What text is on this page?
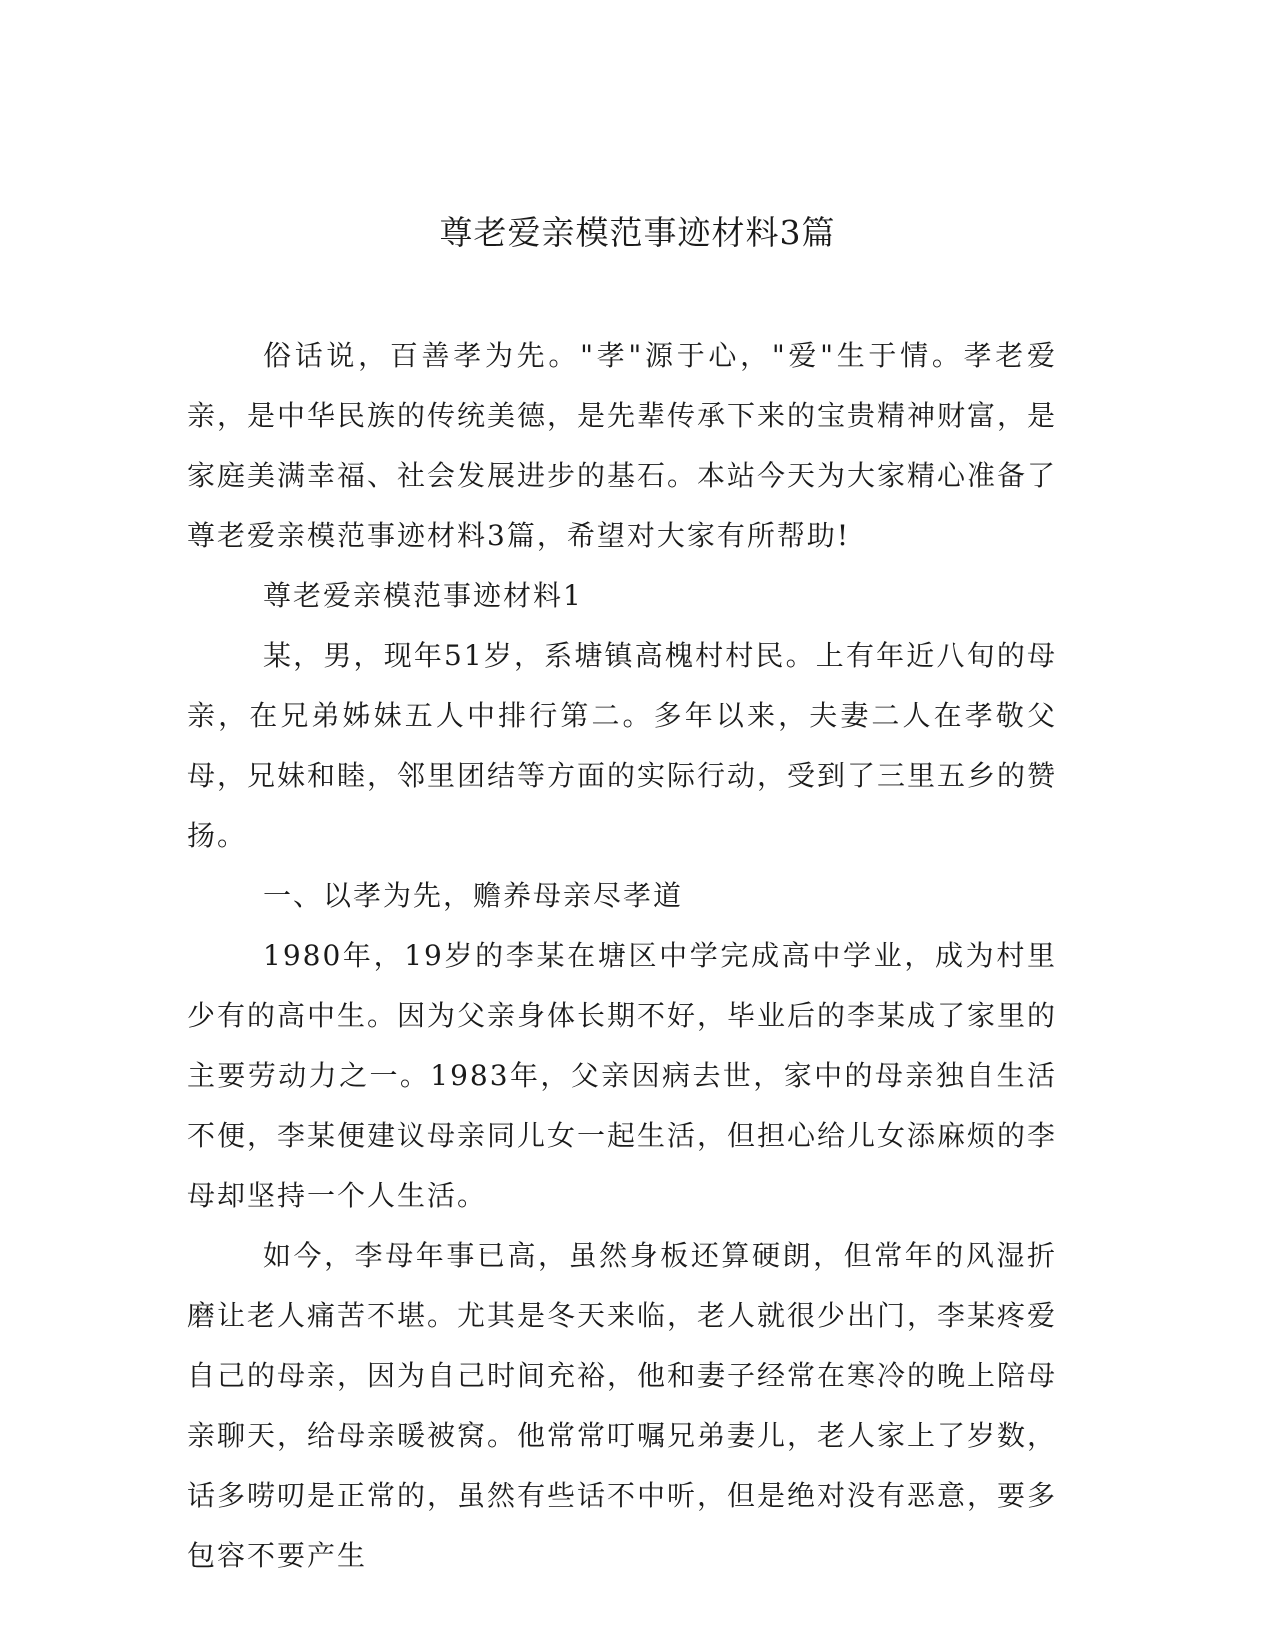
尊老爱亲模范事迹材料3篇

俗话说，百善孝为先。"孝"源于心，"爱"生于情。孝老爱亲，是中华民族的传统美德，是先辈传承下来的宝贵精神财富，是家庭美满幸福、社会发展进步的基石。本站今天为大家精心准备了尊老爱亲模范事迹材料3篇，希望对大家有所帮助!

尊老爱亲模范事迹材料1

某，男，现年51岁，系塘镇高槐村村民。上有年近八旬的母亲，在兄弟姊妹五人中排行第二。多年以来，夫妻二人在孝敬父母，兄妹和睦，邻里团结等方面的实际行动，受到了三里五乡的赞扬。

一、以孝为先，赡养母亲尽孝道

1980年，19岁的李某在塘区中学完成高中学业，成为村里少有的高中生。因为父亲身体长期不好，毕业后的李某成了家里的主要劳动力之一。1983年，父亲因病去世，家中的母亲独自生活不便，李某便建议母亲同儿女一起生活，但担心给儿女添麻烦的李母却坚持一个人生活。

如今，李母年事已高，虽然身板还算硬朗，但常年的风湿折磨让老人痛苦不堪。尤其是冬天来临，老人就很少出门，李某疼爱自己的母亲，因为自己时间充裕，他和妻子经常在寒冷的晚上陪母亲聊天，给母亲暖被窝。他常常叮嘱兄弟妻儿，老人家上了岁数，话多唠叨是正常的，虽然有些话不中听，但是绝对没有恶意，要多包容不要产生
